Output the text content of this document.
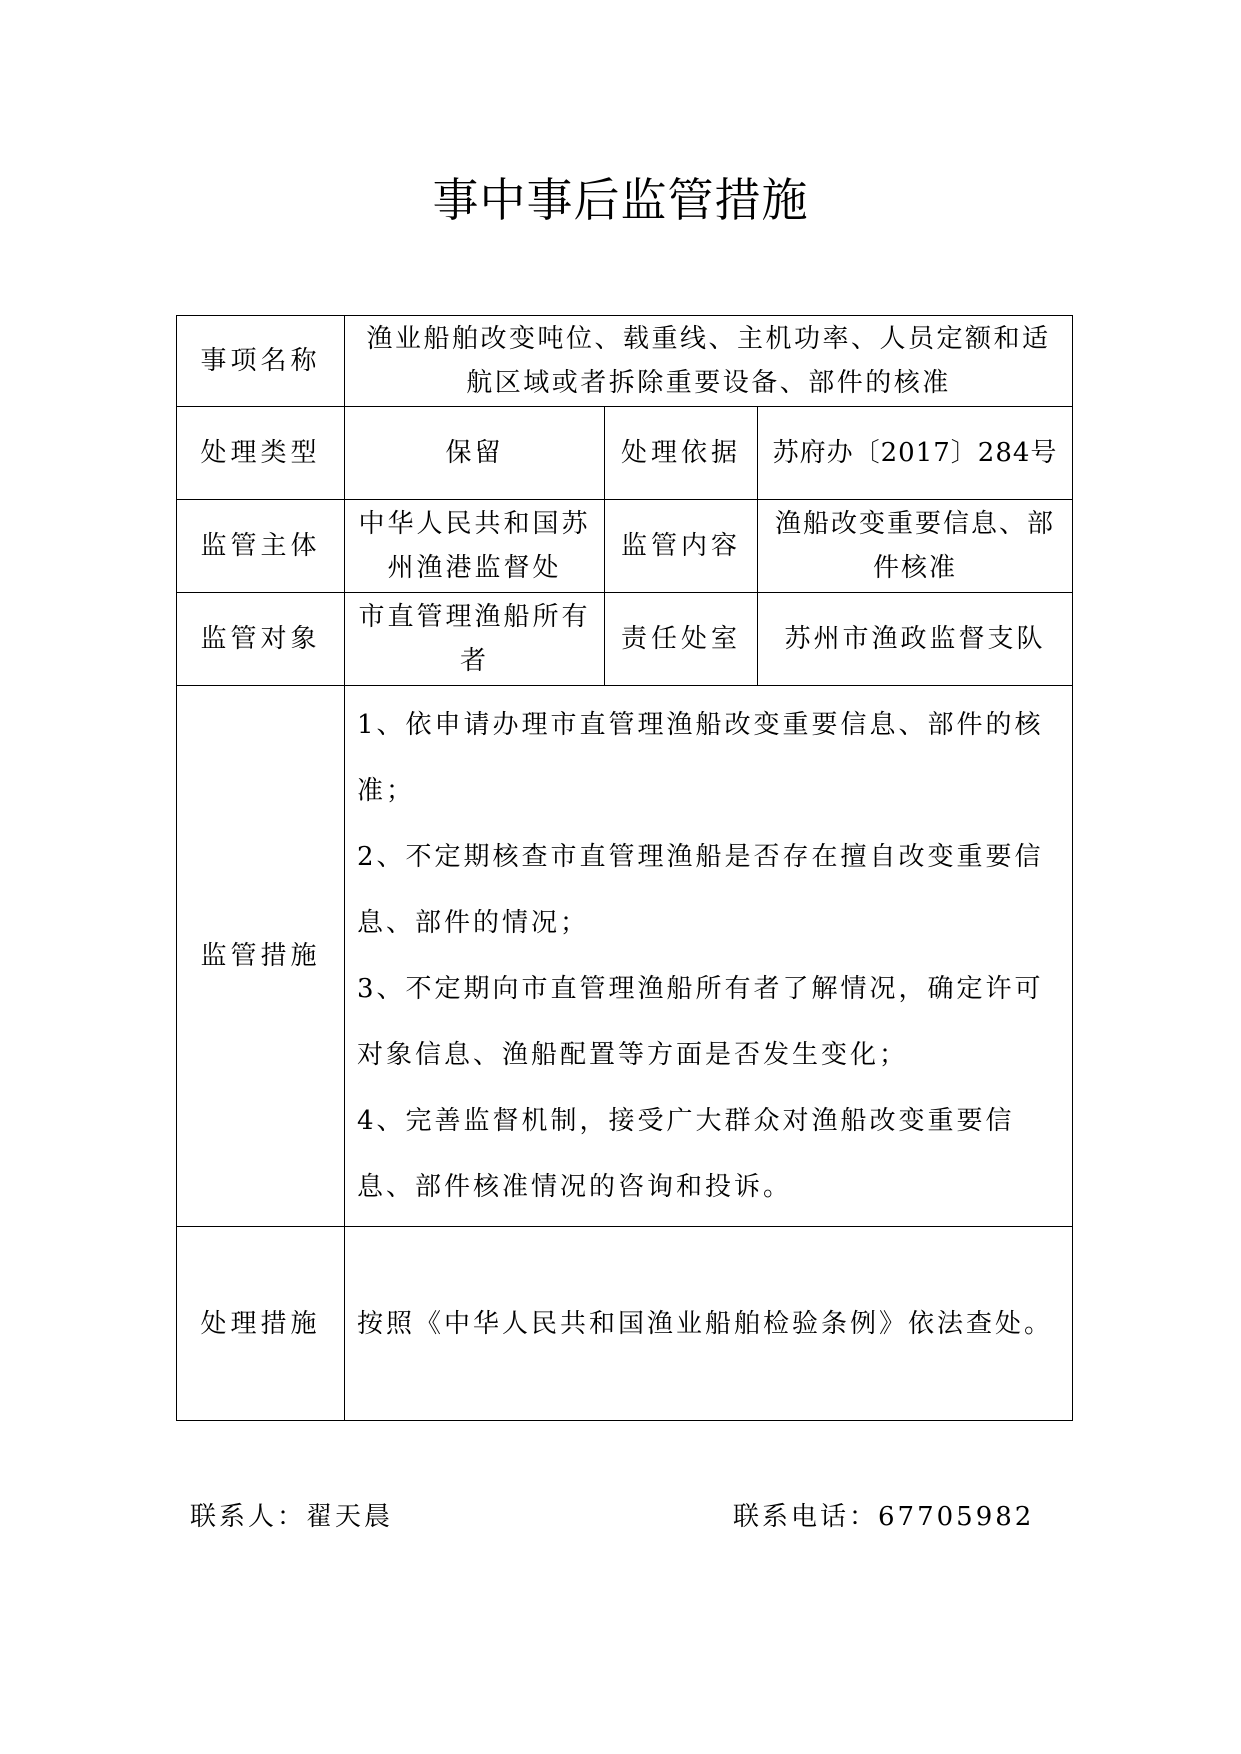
事中事后监管措施
事项名称	渔业船舶改变吨位、载重线、主机功率、人员定额和适航区域或者拆除重要设备、部件的核准		
处理类型	保留	处理依据	苏府办〔2017〕284号
监管主体	中华人民共和国苏州渔港监督处	监管内容	渔船改变重要信息、部件核准
监管对象	市直管理渔船所有者	责任处室	苏州市渔政监督支队
监管措施	1、依申请办理市直管理渔船改变重要信息、部件的核准；
2、不定期核查市直管理渔船是否存在擅自改变重要信息、部件的情况；
3、不定期向市直管理渔船所有者了解情况，确定许可对象信息、渔船配置等方面是否发生变化；
4、完善监督机制，接受广大群众对渔船改变重要信息、部件核准情况的咨询和投诉。		

处理措施	按照《中华人民共和国渔业船舶检验条例》依法查处。		
联系人：翟天晨	联系电话：67705982
